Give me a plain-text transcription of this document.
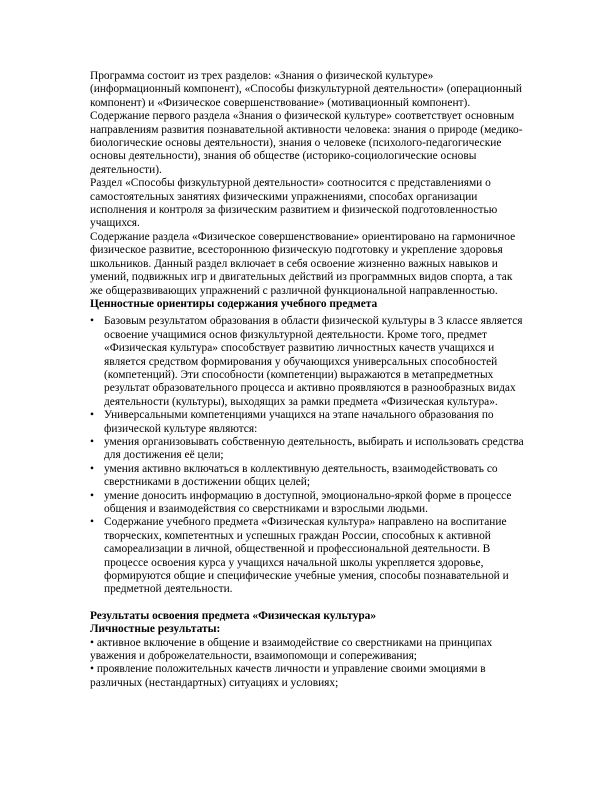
Программа состоит из трех разделов: «Знания о физической культуре» (информационный компонент), «Способы физкультурной деятельности» (операционный компонент) и «Физическое совершенствование» (мотивационный компонент).

Содержание первого раздела «Знания о физической культуре» соответствует основным направлениям развития познавательной активности человека: знания о природе (медико-биологические основы деятельности), знания о человеке (психолого-педагогические основы деятельности), знания об обществе (историко-социологические основы деятельности).

Раздел «Способы физкультурной деятельности» соотносится с представлениями о самостоятельных занятиях физическими упражнениями, способах организации исполнения и контроля за физическим развитием и физической подготовленностью учащихся.

Содержание раздела «Физическое совершенствование» ориентировано на гармоничное физическое развитие, всестороннюю физическую подготовку и укрепление здоровья школьников. Данный раздел включает в себя освоение жизненно важных навыков и умений, подвижных игр и двигательных действий из программных видов спорта, а так же общеразвивающих упражнений с различной функциональной направленностью.

Ценностные ориентиры содержания учебного предмета

• Базовым результатом образования в области физической культуры в 3 классе является освоение учащимися основ физкультурной деятельности. Кроме того, предмет «Физическая культура» способствует развитию личностных качеств учащихся и является средством формирования у обучающихся универсальных способностей (компетенций). Эти способности (компетенции) выражаются в метапредметных результат образовательного процесса и активно проявляются в разнообразных видах деятельности (культуры), выходящих за рамки предмета «Физическая культура».
• Универсальными компетенциями учащихся на этапе начального образования по физической культуре являются:
• умения организовывать собственную деятельность, выбирать и использовать средства для достижения её цели;
• умения активно включаться в коллективную деятельность, взаимодействовать со сверстниками в достижении общих целей;
• умение доносить информацию в доступной, эмоционально-яркой форме в процессе общения и взаимодействия со сверстниками и взрослыми людьми.
• Содержание учебного предмета «Физическая культура» направлено на воспитание творческих, компетентных и успешных граждан России, способных к активной самореализации в личной, общественной и профессиональной деятельности. В процессе освоения курса у учащихся начальной школы укрепляется здоровье, формируются общие и специфические учебные умения, способы познавательной и предметной деятельности.

Результаты освоения предмета «Физическая культура»

Личностные результаты:

• активное включение в общение и взаимодействие со сверстниками на принципах уважения и доброжелательности, взаимопомощи и сопереживания;

• проявление положительных качеств личности и управление своими эмоциями в различных (нестандартных) ситуациях и условиях;
